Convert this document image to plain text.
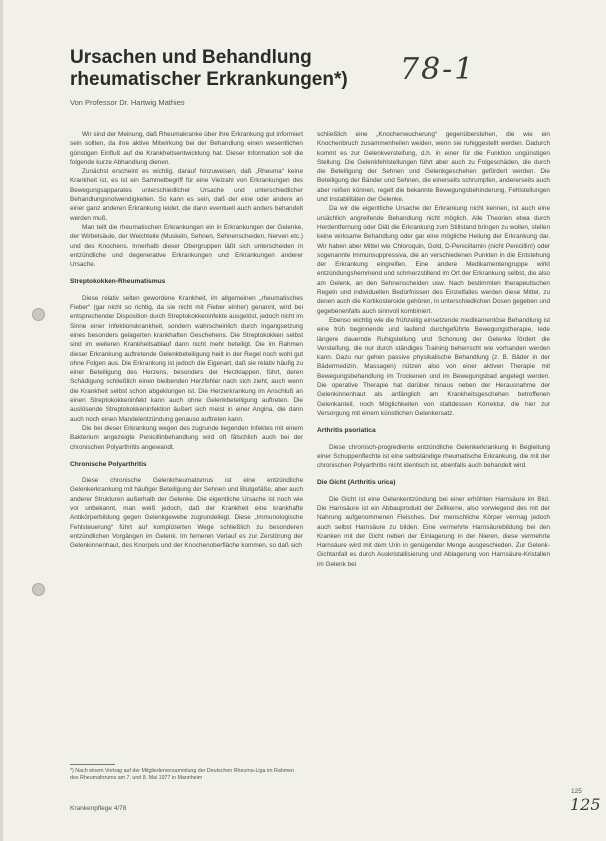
Ursachen und Behandlung
rheumatischer Erkrankungen*)
Von Professor Dr. Hartwig Mathies
78-1

Wir sind der Meinung, daß Rheumakranke über ihre Erkrankung gut informiert sein sollten, da ihre aktive Mitwirkung bei der Behandlung einen wesentlichen günstigen Einfluß auf die Krankheitsentwicklung hat. Dieser Information soll die folgende kurze Abhandlung dienen.

Zunächst erscheint es wichtig, darauf hinzuweisen, daß „Rheuma“ keine Krankheit ist, es ist ein Sammelbegriff für eine Vielzahl von Erkrankungen des Bewegungsapparates unterschiedlicher Ursache und unterschiedlicher Behandlungsnotwendigkeiten. So kann es sein, daß der eine oder andere an einer ganz anderen Erkrankung leidet, die dann eventuell auch anders behandelt werden muß.

Man teilt die rheumatischen Erkrankungen ein in Erkrankungen der Gelenke, der Wirbelsäule, der Weichteile (Muskeln, Sehnen, Sehnenscheiden, Nerven etc.) und des Knochens. Innerhalb dieser Obergruppen läßt sich unterscheiden in entzündliche und degenerative Erkrankungen und Erkrankungen anderer Ursache.

Streptokokken-Rheumatismus

Diese relativ selten gewordene Krankheit, im allgemeinen „rheumatisches Fieber“ (gar nicht so richtig, da sie nicht mit Fieber einher) genannt, wird bei entsprechender Disposition durch Streptokokkeninfekte ausgelöst, jedoch nicht im Sinne einer Infektionskrankheit, sondern wahrscheinlich durch Ingangsetzung eines besonders gelagerten krankhaften Geschehens. Die Streptokokken selbst sind im weiteren Krankheitsablauf dann nicht mehr beteiligt. Die im Rahmen dieser Erkrankung auftretende Gelenkbeteiligung heilt in der Regel noch wohl gut ohne Folgen aus. Die Erkrankung ist jedoch die Eigenart, daß sie relativ häufig zu einer Beteiligung des Herzens, besonders der Herzklappen, führt, deren Schädigung schließlich einen bleibenden Herzfehler nach sich zieht, auch wenn die Krankheit selbst schon abgeklungen ist. Die Herzerkrankung im Anschluß an einen Streptokokkeninfekt kann auch ohne Gelenkbeteiligung auftreten. Die auslösende Streptokokkeninfektion äußert sich meist in einer Angina, die dann auch noch einen Mandelentzündung genauso auftreten kann.

Die bei dieser Erkrankung wegen des zugrunde liegenden Infektes mit einem Bakterium angezeigte Penicillinbehandlung wird oft fälschlich auch bei der chronischen Polyarthritis angewandt.

Chronische Polyarthritis

Diese chronische Gelenkrheumatismus ist eine entzündliche Gelenkerkrankung mit häufiger Beteiligung der Sehnen und Blutgefäße, aber auch anderer Strukturen außerhalb der Gelenke. Die eigentliche Ursache ist noch wie vor unbekannt, man weiß jedoch, daß der Krankheit eine krankhafte Antikörperbildung gegen Gelenkgewebe zugrundeliegt. Diese „Immunologische Fehlsteuerung“ führt auf komplizierten Wege schließlich zu besonderen entzündlichen Vorgängen im Gelenk. Im ferneren Verlauf es zur Zerstörung der Gelenkinnenhaut, des Knorpels und der Knochenoberfläche kommen, so daß sich

schließlich eine „Knochenwucherung“ gegenüberstehen, die wie ein Knochenbruch zusammenheilen weiden, wenn sie ruhiggestellt werden. Dadurch kommt es zur Gelenkversteifung, d.h. in einer für die Funktion ungünstigen Stellung. Die Gelenkfehlstellungen führt aber auch zu Folgeschäden, die durch die Beteiligung der Sehnen und Gelenkgeschehen gefördert werden. Die Beteiligung der Bänder und Sehnen, die einerseits schrumpfen, andererseits auch aber reißen können, regelt die bekannte Bewegungsbehinderung, Fehlstellungen und Instabilitäten der Gelenke.

Da wir die eigentliche Ursache der Erkrankung nicht kennen, ist auch eine ursächlich angreifende Behandlung nicht möglich. Alle Theorien etwa durch Herdentfernung oder Diät die Erkrankung zum Stillstand bringen zu wollen, stellen keine wirksame Behandlung oder gar eine mögliche Heilung der Erkrankung dar. Wir haben aber Mittel wie Chloroquin, Gold, D-Penicillamin (nicht Penicillin!) oder sogenannte Immunsuppressiva, die an verschiedenen Punkten in die Entstehung der Erkrankung eingreifen. Eine andere Medikamentengruppe wirkt entzündungshemmend und schmerzstillend im Ort der Erkrankung selbst, die also am Gelenk, an den Sehnenscheiden usw. Nach bestimmten therapeutischen Regeln und individuellen Bedürfnissen des Einzelfalles werden diese Mittel, zu denen auch die Kortikosteroide gehören, in unterschiedlichen Dosen gegeben und gegebenenfalls auch sinnvoll kombiniert.

Ebenso wichtig wie die frühzeitig einsetzende medikamentöse Behandlung ist eine früh beginnende und laufend durchgeführte Bewegungstherapie, lede längere dauernde Ruhigstellung und Schonung der Gelenke fördert die Versteifung, die nur durch ständiges Training beherrscht wie vorhanden werden kann. Dazu nur gehen passive physikalische Behandlung (z. B. Bäder in der Bädermedizin, Massagen) nützen also von einer aktiven Therapie mit Bewegungsbehandlung im Trockenen und im Bewegungsbad angelegt werden. Die operative Therapie hat darüber hinaus neben der Herausnahme der Gelenkinnenhaut als anfänglich am Krankheitsgeschehen betroffenen Gelenkanteil, noch Möglichkeiten von stattdessen Korrektur, die hier zur Versorgung mit einem künstlichen Gelenkersatz.

Arthritis psoriatica

Diese chronisch-progrediente entzündliche Gelenkerkrankung in Begleitung einer Schuppenflechte ist eine selbständige rheumatische Erkrankung, die mit der chronischen Polyarthritis nicht identisch ist, ebenfalls auch behandelt wird.

Die Gicht (Arthritis urica)

Die Gicht ist eine Gelenkentzündung bei einer erhöhten Harnsäure im Blut. Die Harnsäure ist ein Abbauprodukt der Zellkerne, also vorwiegend des mit der Nahrung aufgenommenen Fleisches. Der menschliche Körper vermag jedoch auch selbst Harnsäure zu bilden. Eine vermehrte Harnsäurebildung bei den Kranken mit der Gicht neben der Einlagerung in der Nieren, diese vermehrte Harnsäure wird mit dem Urin in genügender Menge ausgeschieden. Zur Gelenk-Gichtanfall es durch Auskristallisierung und Ablagerung von Harnsäure-Kristallen im Gelenk bei

*) Nach einem Vortrag auf der Mitgliederversammlung der Deutschen Rheuma-Liga im Rahmen des Rheumaforums am 7. und 8. Mai 1977 in Mannheim
Krankenpflege 4/78
125
125
